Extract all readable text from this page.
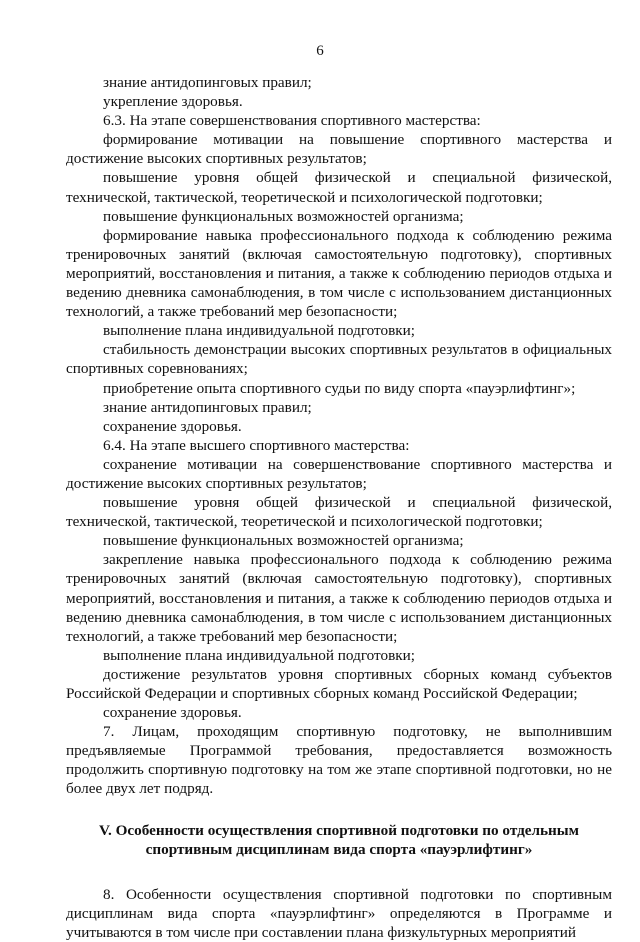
6

знание антидопинговых правил;

укрепление здоровья.

6.3. На этапе совершенствования спортивного мастерства:

формирование мотивации на повышение спортивного мастерства и достижение высоких спортивных результатов;

повышение уровня общей физической и специальной физической, технической, тактической, теоретической и психологической подготовки;

повышение функциональных возможностей организма;

формирование навыка профессионального подхода к соблюдению режима тренировочных занятий (включая самостоятельную подготовку), спортивных мероприятий, восстановления и питания, а также к соблюдению периодов отдыха и ведению дневника самонаблюдения, в том числе с использованием дистанционных технологий, а также требований мер безопасности;

выполнение плана индивидуальной подготовки;

стабильность демонстрации высоких спортивных результатов в официальных спортивных соревнованиях;

приобретение опыта спортивного судьи по виду спорта «пауэрлифтинг»;

знание антидопинговых правил;

сохранение здоровья.

6.4. На этапе высшего спортивного мастерства:

сохранение мотивации на совершенствование спортивного мастерства и достижение высоких спортивных результатов;

повышение уровня общей физической и специальной физической, технической, тактической, теоретической и психологической подготовки;

повышение функциональных возможностей организма;

закрепление навыка профессионального подхода к соблюдению режима тренировочных занятий (включая самостоятельную подготовку), спортивных мероприятий, восстановления и питания, а также к соблюдению периодов отдыха и ведению дневника самонаблюдения, в том числе с использованием дистанционных технологий, а также требований мер безопасности;

выполнение плана индивидуальной подготовки;

достижение результатов уровня спортивных сборных команд субъектов Российской Федерации и спортивных сборных команд Российской Федерации;

сохранение здоровья.

7. Лицам, проходящим спортивную подготовку, не выполнившим предъявляемые Программой требования, предоставляется возможность продолжить спортивную подготовку на том же этапе спортивной подготовки, но не более двух лет подряд.

V. Особенности осуществления спортивной подготовки по отдельным
спортивным дисциплинам вида спорта «пауэрлифтинг»

8. Особенности осуществления спортивной подготовки по спортивным дисциплинам вида спорта «пауэрлифтинг» определяются в Программе и учитываются в том числе при составлении плана физкультурных мероприятий
